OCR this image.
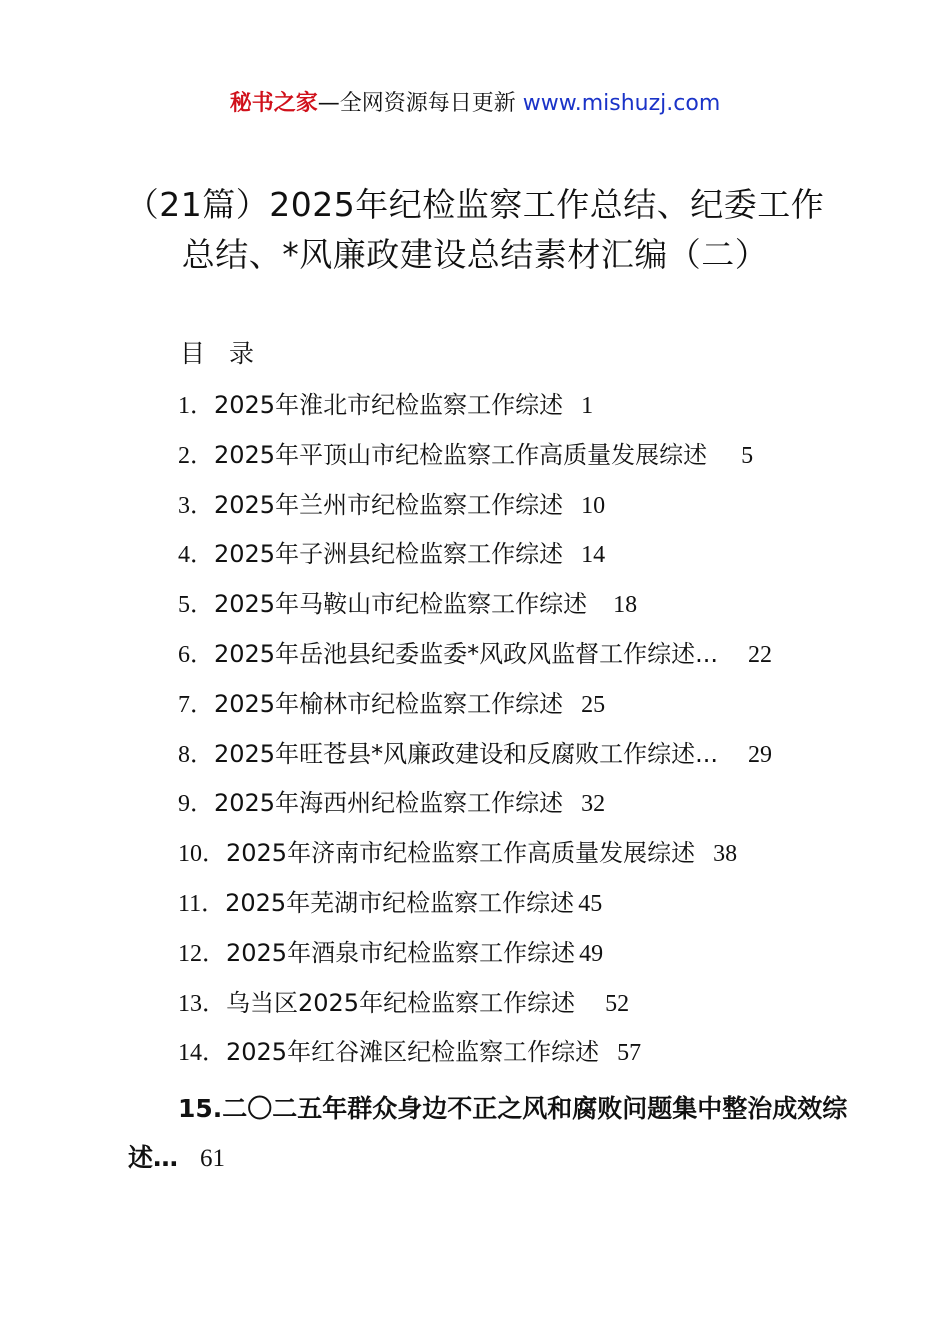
秘书之家—全网资源每日更新 www.mishuzj.com
（21篇）2025年纪检监察工作总结、纪委工作总结、*风廉政建设总结素材汇编（二）
目录
1．2025年淮北市纪检监察工作综述 1
2．2025年平顶山市纪检监察工作高质量发展综述 5
3．2025年兰州市纪检监察工作综述 10
4．2025年子洲县纪检监察工作综述 14
5．2025年马鞍山市纪检监察工作综述 18
6．2025年岳池县纪委监委*风政风监督工作综述... 22
7．2025年榆林市纪检监察工作综述 25
8．2025年旺苍县*风廉政建设和反腐败工作综述... 29
9．2025年海西州纪检监察工作综述 32
10．2025年济南市纪检监察工作高质量发展综述 38
11．2025年芜湖市纪检监察工作综述 45
12．2025年酒泉市纪检监察工作综述 49
13．乌当区2025年纪检监察工作综述 52
14．2025年红谷滩区纪检监察工作综述 57
15.二〇二五年群众身边不正之风和腐败问题集中整治成效综述… 61
